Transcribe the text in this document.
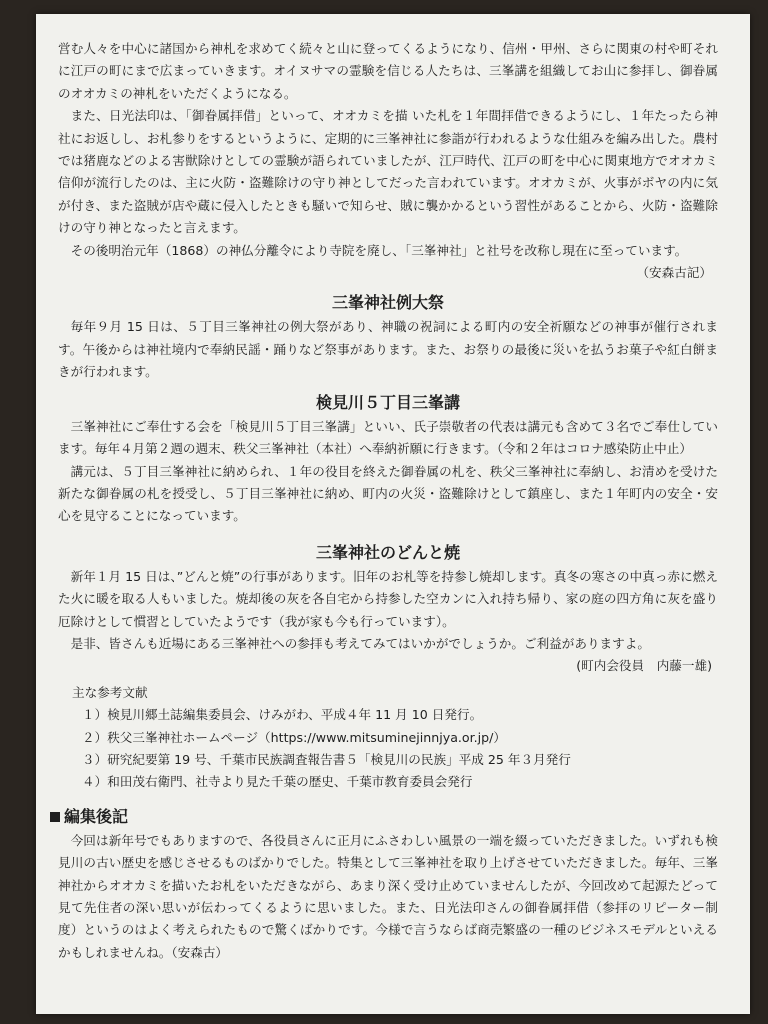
営む人々を中心に諸国から神札を求めてく続々と山に登ってくるようになり、信州・甲州、さらに関東の村や町それに江戸の町にまで広まっていきます。オイヌサマの霊験を信じる人たちは、三峯講を組織してお山に参拝し、御眷属のオオカミの神札をいただくようになる。

また、日光法印は、「御眷属拝借」といって、オオカミを描 いた札を１年間拝借できるようにし、１年たったら神社にお返しし、お札参りをするというように、定期的に三峯神社に参詣が行われるような仕組みを編み出した。農村では猪鹿などのよる害獣除けとしての霊験が語られていましたが、江戸時代、江戸の町を中心に関東地方でオオカミ信仰が流行したのは、主に火防・盗難除けの守り神としてだった言われています。オオカミが、火事がボヤの内に気が付き、また盗賊が店や蔵に侵入したときも騒いで知らせ、賊に襲かかるという習性があることから、火防・盗難除けの守り神となったと言えます。

その後明治元年（1868）の神仏分離令により寺院を廃し、「三峯神社」と社号を改称し現在に至っています。

（安森古記）

三峯神社例大祭

毎年９月 15 日は、５丁目三峯神社の例大祭があり、神職の祝詞による町内の安全祈願などの神事が催行されます。午後からは神社境内で奉納民謡・踊りなど祭事があります。また、お祭りの最後に災いを払うお菓子や紅白餅まきが行われます。

検見川５丁目三峯講

三峯神社にご奉仕する会を「検見川５丁目三峯講」といい、氏子崇敬者の代表は講元も含めて３名でご奉仕しています。毎年４月第２週の週末、秩父三峯神社（本社）へ奉納祈願に行きます。（令和２年はコロナ感染防止中止）

講元は、５丁目三峯神社に納められ、１年の役目を終えた御眷属の札を、秩父三峯神社に奉納し、お清めを受けた新たな御眷属の札を授受し、５丁目三峯神社に納め、町内の火災・盗難除けとして鎮座し、また１年町内の安全・安心を見守ることになっています。

三峯神社のどんと焼

新年１月 15 日は、”どんと焼”の行事があります。旧年のお札等を持参し焼却します。真冬の寒さの中真っ赤に燃えた火に暖を取る人もいました。焼却後の灰を各自宅から持参した空カンに入れ持ち帰り、家の庭の四方角に灰を盛り厄除けとして慣習としていたようです（我が家も今も行っています）。

是非、皆さんも近場にある三峯神社への参拝も考えてみてはいかがでしょうか。ご利益がありますよ。

(町内会役員　内藤一雄)

主な参考文献
１）検見川郷土誌編集委員会、けみがわ、平成４年 11 月 10 日発行。
２）秩父三峯神社ホームページ（https://www.mitsuminejinnjya.or.jp/）
３）研究紀要第 19 号、千葉市民族調査報告書５「検見川の民族」平成 25 年３月発行
４）和田茂右衛門、社寺より見た千葉の歴史、千葉市教育委員会発行
編集後記

今回は新年号でもありますので、各役員さんに正月にふさわしい風景の一端を綴っていただきました。いずれも検見川の古い歴史を感じさせるものばかりでした。特集として三峯神社を取り上げさせていただきました。毎年、三峯神社からオオカミを描いたお札をいただきながら、あまり深く受け止めていませんしたが、今回改めて起源たどって見て先住者の深い思いが伝わってくるように思いました。また、日光法印さんの御眷属拝借（参拝のリピーター制度）というのはよく考えられたもので驚くばかりです。今様で言うならば商売繁盛の一種のビジネスモデルといえるかもしれませんね。（安森古）
